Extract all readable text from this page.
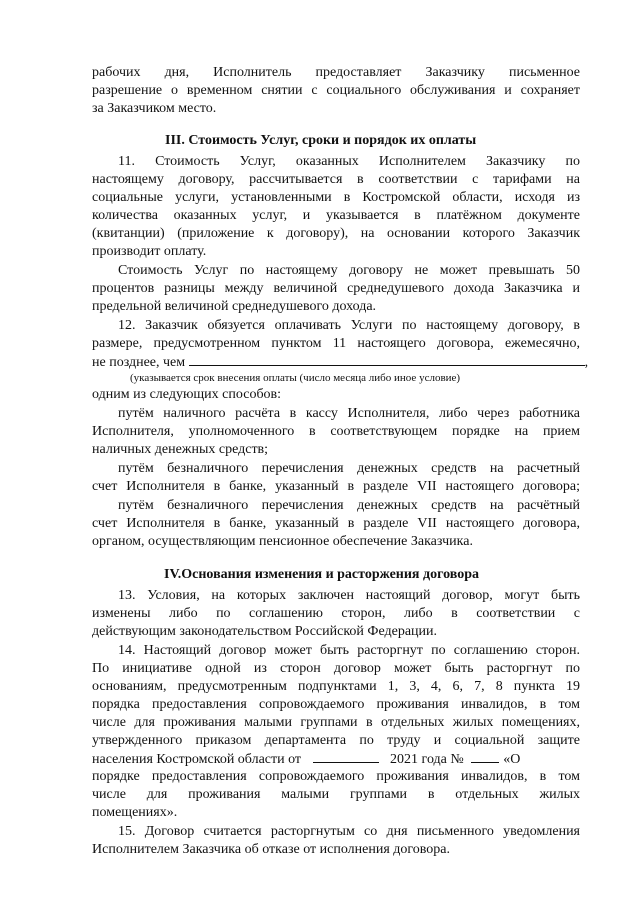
рабочих дня, Исполнитель предоставляет Заказчику письменное
разрешение о временном снятии с социального обслуживания и сохраняет
за Заказчиком место.
III. Стоимость Услуг, сроки и порядок их оплаты
11. Стоимость Услуг, оказанных Исполнителем Заказчику по
настоящему договору, рассчитывается в соответствии с тарифами на
социальные услуги, установленными в Костромской области, исходя из
количества оказанных услуг, и указывается в платёжном документе
(квитанции) (приложение к договору), на основании которого Заказчик
производит оплату.
Стоимость Услуг по настоящему договору не может превышать 50
процентов разницы между величиной среднедушевого дохода Заказчика и
предельной величиной среднедушевого дохода.
12. Заказчик обязуется оплачивать Услуги по настоящему договору, в
размере, предусмотренном пунктом 11 настоящего договора, ежемесячно,
не позднее, чем	,
(указывается срок внесения оплаты (число месяца либо иное условие)
одним из следующих способов:
путём наличного расчёта в кассу Исполнителя, либо через работника
Исполнителя, уполномоченного в соответствующем порядке на прием
наличных денежных средств;
путём безналичного перечисления денежных средств на расчетный
счет Исполнителя в банке, указанный в разделе VII настоящего договора;
путём безналичного перечисления денежных средств на расчётный
счет Исполнителя в банке, указанный в разделе VII настоящего договора,
органом, осуществляющим пенсионное обеспечение Заказчика.
IV.Основания изменения и расторжения договора
13. Условия, на которых заключен настоящий договор, могут быть
изменены либо по соглашению сторон, либо в соответствии с
действующим законодательством Российской Федерации.
14. Настоящий договор может быть расторгнут по соглашению сторон.
По инициативе одной из сторон договор может быть расторгнут по
основаниям, предусмотренным подпунктами 1, 3, 4, 6, 7, 8 пункта 19
порядка предоставления сопровождаемого проживания инвалидов, в том
числе для проживания малыми группами в отдельных жилых помещениях,
утвержденного приказом департамента по труду и социальной защите
населения Костромской области от	2021 года №	«О
порядке предоставления сопровождаемого проживания инвалидов, в том
числе для проживания малыми группами в отдельных жилых
помещениях».
15. Договор считается расторгнутым со дня письменного уведомления
Исполнителем Заказчика об отказе от исполнения договора.
